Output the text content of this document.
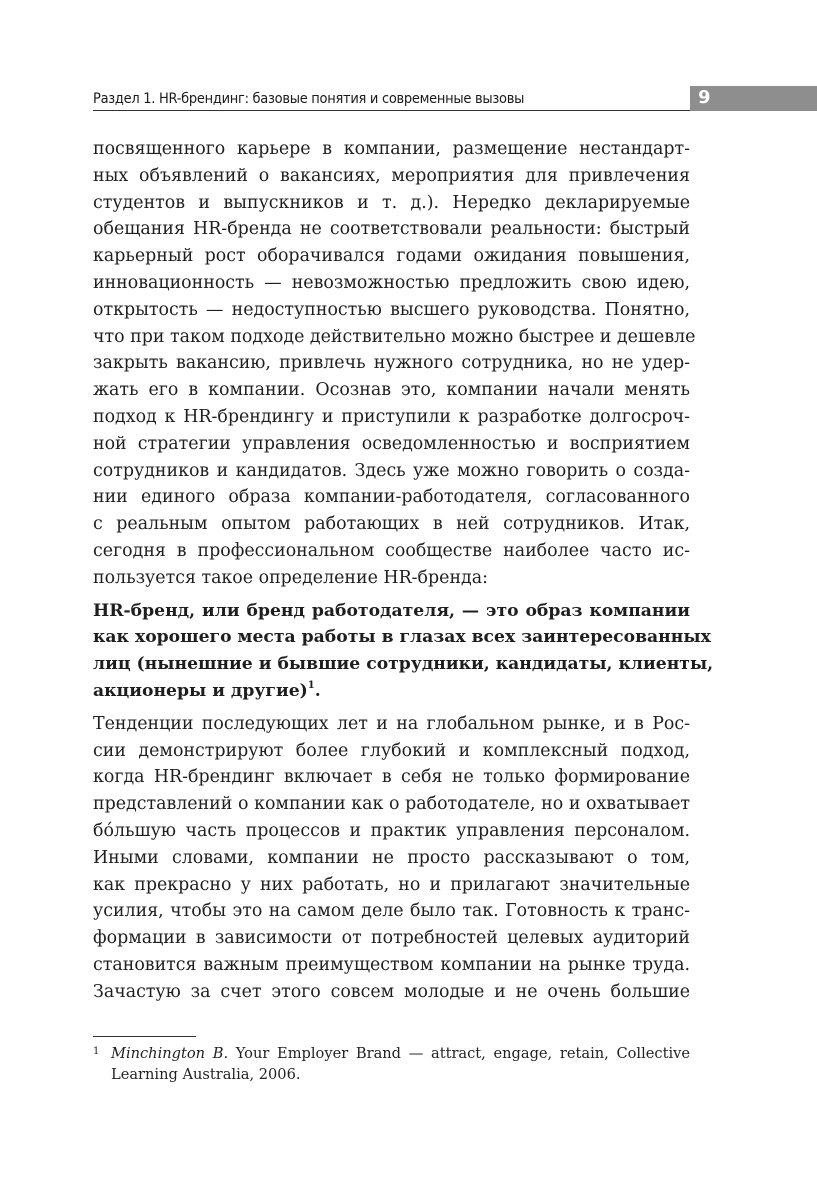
Раздел 1. HR-брендинг: базовые понятия и современные вызовы	9
посвященного карьере в компании, размещение нестандарт-
ных объявлений о вакансиях, мероприятия для привлечения
студентов и выпускников и т. д.). Нередко декларируемые
обещания HR-бренда не соответствовали реальности: быстрый
карьерный рост оборачивался годами ожидания повышения,
инновационность — невозможностью предложить свою идею,
открытость — недоступностью высшего руководства. Понятно,
что при таком подходе действительно можно быстрее и дешевле
закрыть вакансию, привлечь нужного сотрудника, но не удер-
жать его в компании. Осознав это, компании начали менять
подход к HR-брендингу и приступили к разработке долгосроч-
ной стратегии управления осведомленностью и восприятием
сотрудников и кандидатов. Здесь уже можно говорить о созда-
нии единого образа компании-работодателя, согласованного
с реальным опытом работающих в ней сотрудников. Итак,
сегодня в профессиональном сообществе наиболее часто ис-
пользуется такое определение HR-бренда:
HR-бренд, или бренд работодателя, — это образ компании
как хорошего места работы в глазах всех заинтересованных
лиц (нынешние и бывшие сотрудники, кандидаты, клиенты,
акционеры и другие)$^1$.
Тенденции последующих лет и на глобальном рынке, и в Рос-
сии демонстрируют более глубокий и комплексный подход,
когда HR-брендинг включает в себя не только формирование
представлений о компании как о работодателе, но и охватывает
бóльшую часть процессов и практик управления персоналом.
Иными словами, компании не просто рассказывают о том,
как прекрасно у них работать, но и прилагают значительные
усилия, чтобы это на самом деле было так. Готовность к транс-
формации в зависимости от потребностей целевых аудиторий
становится важным преимуществом компании на рынке труда.
Зачастую за счет этого совсем молодые и не очень большие
1 Minchington B. Your Employer Brand — attract, engage, retain, Collective
Learning Australia, 2006.
